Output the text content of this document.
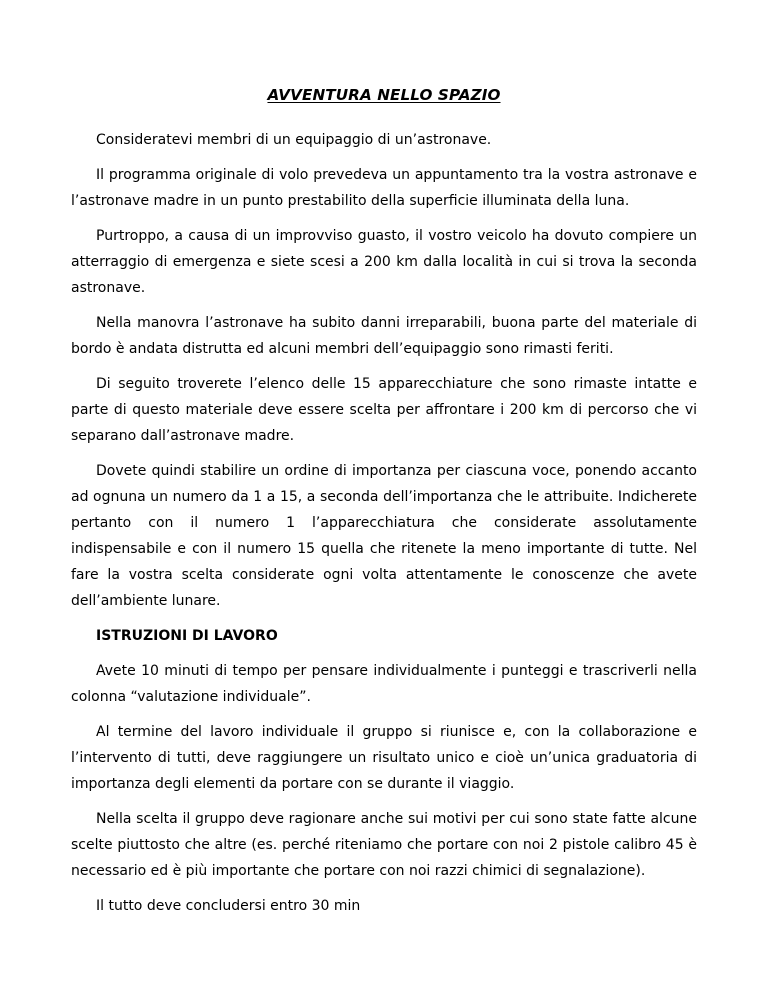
AVVENTURA NELLO SPAZIO

Consideratevi membri di un equipaggio di un’astronave.

Il programma originale di volo prevedeva un appuntamento tra la vostra astronave e l’astronave madre in un punto prestabilito della superficie illuminata della luna.

Purtroppo, a causa di un improvviso guasto, il vostro veicolo ha dovuto compiere un atterraggio di emergenza e siete scesi a 200 km dalla località in cui si trova la seconda astronave.

Nella manovra l’astronave ha subito danni irreparabili, buona parte del materiale di bordo è andata distrutta ed alcuni membri dell’equipaggio sono rimasti feriti.

Di seguito troverete l’elenco delle 15 apparecchiature che sono rimaste intatte e parte di questo materiale deve essere scelta per affrontare i 200 km di percorso che vi separano dall’astronave madre.

Dovete quindi stabilire un ordine di importanza per ciascuna voce, ponendo accanto ad ognuna un numero da 1 a 15, a seconda dell’importanza che le attribuite. Indicherete pertanto con il numero 1 l’apparecchiatura che considerate assolutamente indispensabile e con il numero 15 quella che ritenete la meno importante di tutte. Nel fare la vostra scelta considerate ogni volta attentamente le conoscenze che avete dell’ambiente lunare.

ISTRUZIONI DI LAVORO

Avete 10 minuti di tempo per pensare individualmente i punteggi e trascriverli nella colonna “valutazione individuale”.

Al termine del lavoro individuale il gruppo si riunisce e, con la collaborazione e l’intervento di tutti, deve raggiungere un risultato unico e cioè un’unica graduatoria di importanza degli elementi da portare con se durante il viaggio.

Nella scelta il gruppo deve ragionare anche sui motivi per cui sono state fatte alcune scelte piuttosto che altre (es. perché riteniamo che portare con noi 2 pistole calibro 45 è necessario ed è più importante che portare con noi razzi chimici di segnalazione).

Il tutto deve concludersi entro 30 min
